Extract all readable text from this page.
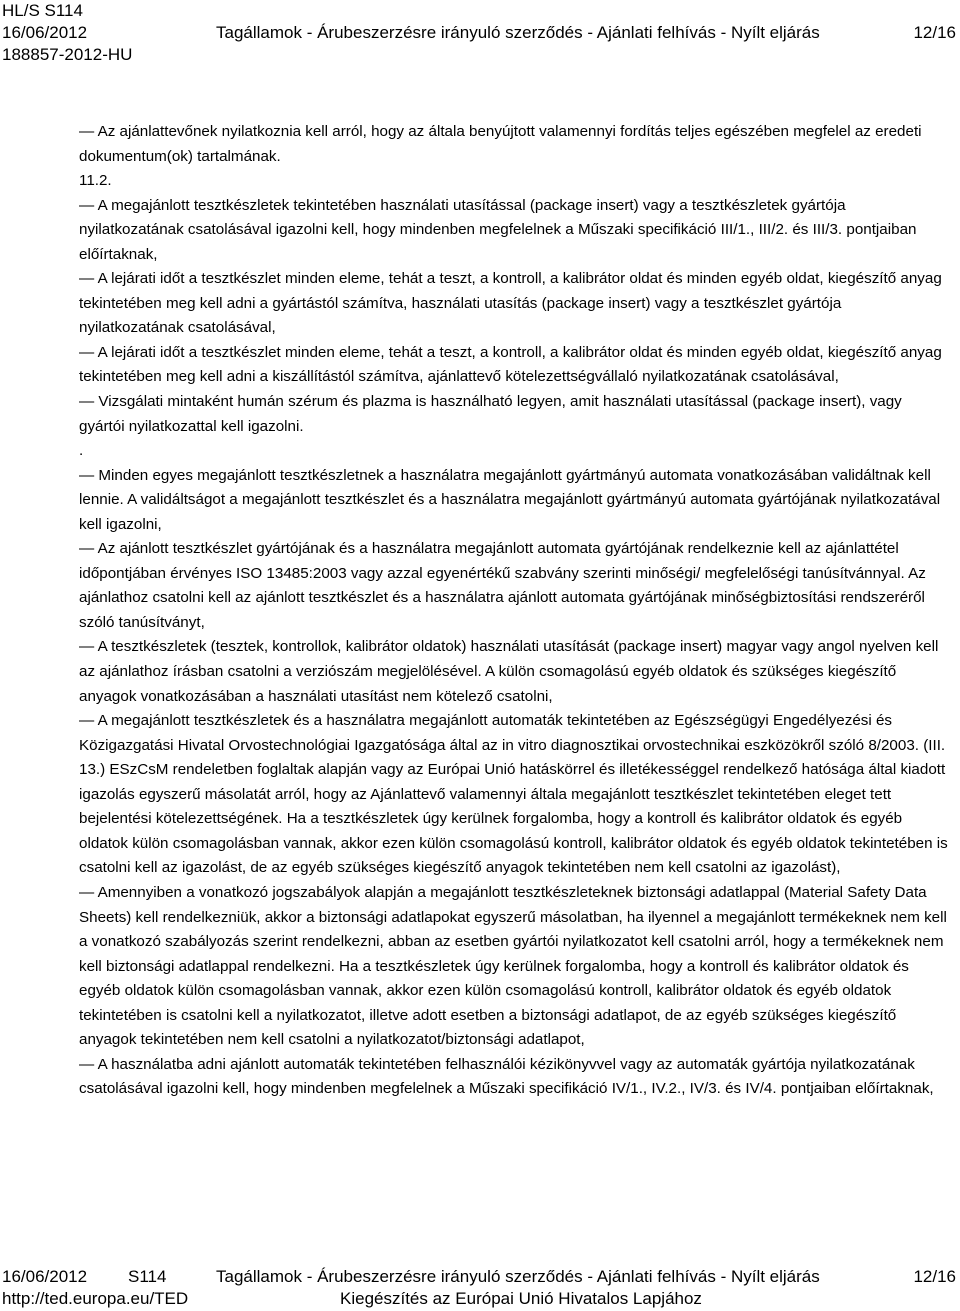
HL/S S114
16/06/2012	Tagállamok - Árubeszerzésre irányuló szerződés - Ajánlati felhívás - Nyílt eljárás	12/16
188857-2012-HU

— Az ajánlattevőnek nyilatkoznia kell arról, hogy az általa benyújtott valamennyi fordítás teljes egészében megfelel az eredeti dokumentum(ok) tartalmának.

11.2.

— A megajánlott tesztkészletek tekintetében használati utasítással (package insert) vagy a tesztkészletek gyártója nyilatkozatának csatolásával igazolni kell, hogy mindenben megfelelnek a Műszaki specifikáció III/1., III/2. és III/3. pontjaiban előírtaknak,

— A lejárati időt a tesztkészlet minden eleme, tehát a teszt, a kontroll, a kalibrátor oldat és minden egyéb oldat, kiegészítő anyag tekintetében meg kell adni a gyártástól számítva, használati utasítás (package insert) vagy a tesztkészlet gyártója nyilatkozatának csatolásával,

— A lejárati időt a tesztkészlet minden eleme, tehát a teszt, a kontroll, a kalibrátor oldat és minden egyéb oldat, kiegészítő anyag tekintetében meg kell adni a kiszállítástól számítva, ajánlattevő kötelezettségvállaló nyilatkozatának csatolásával,

— Vizsgálati mintaként humán szérum és plazma is használható legyen, amit használati utasítással (package insert), vagy gyártói nyilatkozattal kell igazolni.

.

— Minden egyes megajánlott tesztkészletnek a használatra megajánlott gyártmányú automata vonatkozásában validáltnak kell lennie. A validáltságot a megajánlott tesztkészlet és a használatra megajánlott gyártmányú automata gyártójának nyilatkozatával kell igazolni,

— Az ajánlott tesztkészlet gyártójának és a használatra megajánlott automata gyártójának rendelkeznie kell az ajánlattétel időpontjában érvényes ISO 13485:2003 vagy azzal egyenértékű szabvány szerinti minőségi/ megfelelőségi tanúsítvánnyal. Az ajánlathoz csatolni kell az ajánlott tesztkészlet és a használatra ajánlott automata gyártójának minőségbiztosítási rendszeréről szóló tanúsítványt,

— A tesztkészletek (tesztek, kontrollok, kalibrátor oldatok) használati utasítását (package insert) magyar vagy angol nyelven kell az ajánlathoz írásban csatolni a verziószám megjelölésével. A külön csomagolású egyéb oldatok és szükséges kiegészítő anyagok vonatkozásában a használati utasítást nem kötelező csatolni,

— A megajánlott tesztkészletek és a használatra megajánlott automaták tekintetében az Egészségügyi Engedélyezési és Közigazgatási Hivatal Orvostechnológiai Igazgatósága által az in vitro diagnosztikai orvostechnikai eszközökről szóló 8/2003. (III. 13.) ESzCsM rendeletben foglaltak alapján vagy az Európai Unió hatáskörrel és illetékességgel rendelkező hatósága által kiadott igazolás egyszerű másolatát arról, hogy az Ajánlattevő valamennyi általa megajánlott tesztkészlet tekintetében eleget tett bejelentési kötelezettségének. Ha a tesztkészletek úgy kerülnek forgalomba, hogy a kontroll és kalibrátor oldatok és egyéb oldatok külön csomagolásban vannak, akkor ezen külön csomagolású kontroll, kalibrátor oldatok és egyéb oldatok tekintetében is csatolni kell az igazolást, de az egyéb szükséges kiegészítő anyagok tekintetében nem kell csatolni az igazolást),

— Amennyiben a vonatkozó jogszabályok alapján a megajánlott tesztkészleteknek biztonsági adatlappal (Material Safety Data Sheets) kell rendelkezniük, akkor a biztonsági adatlapokat egyszerű másolatban, ha ilyennel a megajánlott termékeknek nem kell a vonatkozó szabályozás szerint rendelkezni, abban az esetben gyártói nyilatkozatot kell csatolni arról, hogy a termékeknek nem kell biztonsági adatlappal rendelkezni. Ha a tesztkészletek úgy kerülnek forgalomba, hogy a kontroll és kalibrátor oldatok és egyéb oldatok külön csomagolásban vannak, akkor ezen külön csomagolású kontroll, kalibrátor oldatok és egyéb oldatok tekintetében is csatolni kell a nyilatkozatot, illetve adott esetben a biztonsági adatlapot, de az egyéb szükséges kiegészítő anyagok tekintetében nem kell csatolni a nyilatkozatot/biztonsági adatlapot,

— A használatba adni ajánlott automaták tekintetében felhasználói kézikönyvvel vagy az automaták gyártója nyilatkozatának csatolásával igazolni kell, hogy mindenben megfelelnek a Műszaki specifikáció IV/1., IV.2., IV/3. és IV/4. pontjaiban előírtaknak,

16/06/2012 S114	Tagállamok - Árubeszerzésre irányuló szerződés - Ajánlati felhívás - Nyílt eljárás	12/16
http://ted.europa.eu/TED	Kiegészítés az Európai Unió Hivatalos Lapjához
